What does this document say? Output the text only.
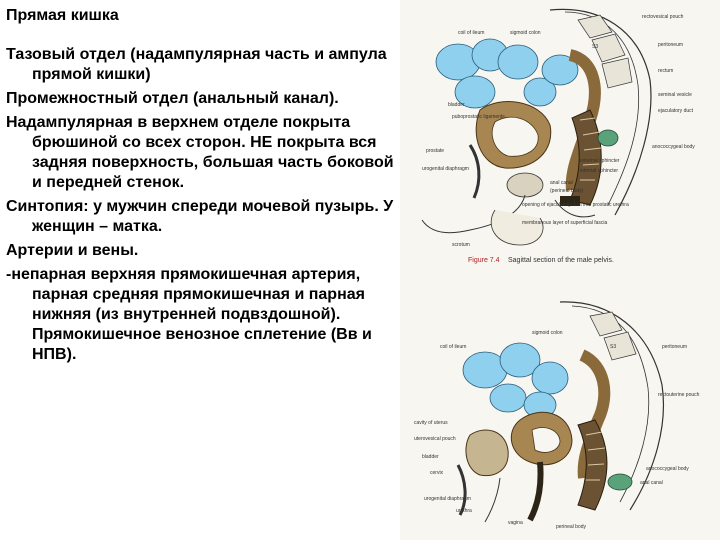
Прямая кишка
Тазовый отдел (надампулярная часть и ампула прямой кишки)
Промежностный отдел (анальный канал).
Надампулярная в верхнем отделе покрыта брюшиной со всех сторон. НЕ покрыта вся задняя поверхность, большая часть боковой и передней стенок.
Синтопия: у мужчин спереди мочевой пузырь. У женщин – матка.
Артерии и вены.
-непарная верхняя прямокишечная артерия, парная средняя прямокишечная и парная нижняя (из внутренней подвздошной). Прямокишечное венозное сплетение (Вв и НПВ).
coil of ileum	sigmoid colon
rectovesical pouch
S3	peritoneum
rectum
bladder
seminal vesicle
puboprostatic ligaments
ejaculatory duct
prostate
anococcygeal body
urogenital diaphragm
external sphincter
internal sphincter
anal canal
(perineal body)
opening of ejaculatory duct into prostatic urethra
membranous layer of superficial fascia
scrotum
Figure 7.4 Sagittal section of the male pelvis.
sigmoid colon
coil of ileum	S3	peritoneum
rectouterine pouch
cavity of uterus
uterovesical pouch
bladder
cervix
anococcygeal body
anal canal
urogenital diaphragm
urethra
vagina
perineal body
